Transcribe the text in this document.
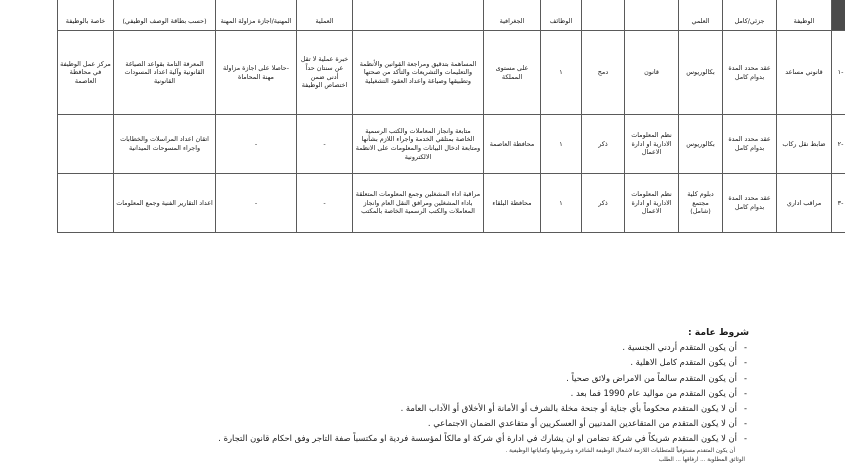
	الوظيفة	جزئي/كامل	العلمي			الوظائف	الجغرافية		العملية	المهنية/اجازة مزاولة المهنة	(حسب بطاقة الوصف الوظيفي)	خاصة بالوظيفة
-١	قانوني مساعد	عقد محدد المدة بدوام كامل	بكالوريوس	قانون	دمج	١	على مستوى المملكة	المساهمة بتدقيق ومراجعة القوانين والأنظمة والتعليمات والتشريعات والتأكد من صحتها وتطبيقها وصياغة واعداد العقود التشغيلية	خبرة عملية لا تقل عن سنتان حداً أدنى ضمن اختصاص الوظيفة	-حاصلا على اجازة مزاولة مهنة المحاماة	المعرفة التامة بقواعد الصياغة القانونية وآلية اعداد المسودات القانونية	مركز عمل الوظيفة في محافظة العاصمة
-٢	ضابط نقل ركاب	عقد محدد المدة بدوام كامل	بكالوريوس	نظم المعلومات الادارية او ادارة الاعمال	ذكر	١	محافظة العاصمة	متابعة وانجاز المعاملات والكتب الرسمية الخاصة بمتلقي الخدمة واجراء اللازم بشأنها ومتابعة ادخال البيانات والمعلومات على الانظمة الالكترونية	-	-	اتقان اعداد المراسلات والخطابات واجراء المسوحات الميدانية	
-٣	مراقب اداري	عقد محدد المدة بدوام كامل	دبلوم كلية مجتمع (شامل)	نظم المعلومات الادارية او ادارة الاعمال	ذكر	١	محافظة البلقاء	مراقبة اداء المشغلين وجمع المعلومات المتعلقة باداء المشغلين ومرافق النقل العام وانجاز المعاملات والكتب الرسمية الخاصة بالمكتب	-	-	اعداد التقارير الفنية وجمع المعلومات	
شروط عامة :
- أن يكون المتقدم أردني الجنسية .
- أن يكون المتقدم كامل الاهلية .
- أن يكون المتقدم سالماً من الامراض ولائق صحياً .
- أن يكون المتقدم من مواليد عام 1990 فما بعد .
- أن لا يكون المتقدم محكوماً بأي جناية أو جنحة مخلة بالشرف أو الأمانة أو الأخلاق أو الآداب العامة .
- أن لا يكون المتقدم من المتقاعدين المدنيين أو العسكريين أو متقاعدي الضمان الاجتماعي .
- أن لا يكون المتقدم شريكاً في شركة تضامن او ان يشارك في ادارة أي شركة او مالكاً لمؤسسة فردية او مكتسباً صفة التاجر وفق احكام قانون التجارة .
أن يكون المتقدم مستوفياً للمتطلبات اللازمة لاشغال الوظيفة الشاغرة وشروطها وكفاياتها الوظيفية .
الوثائق المطلوبة ... ارفاقها ... الطلب
